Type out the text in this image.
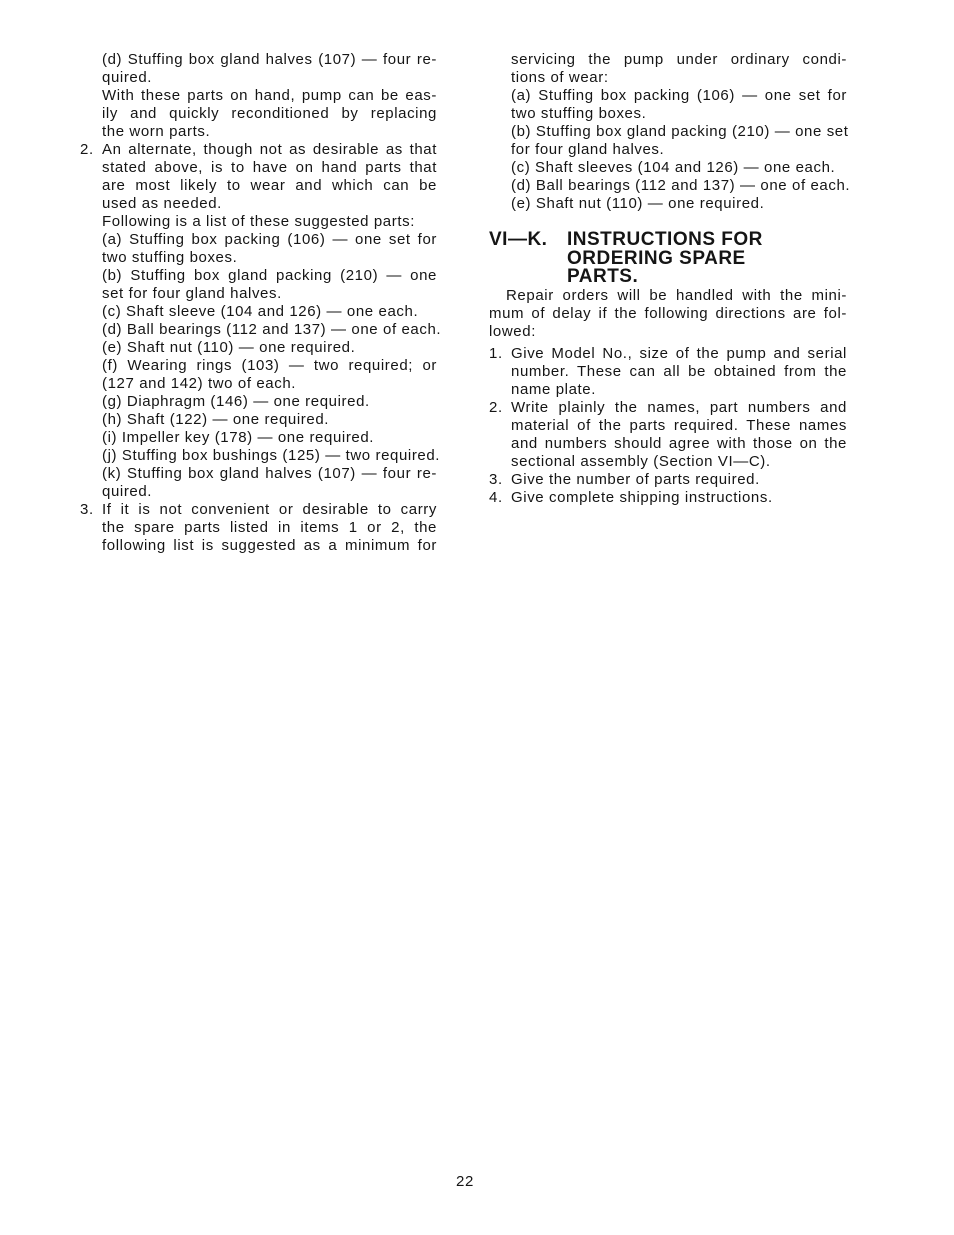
(d) Stuffing box gland halves (107) — four re-
quired.
With these parts on hand, pump can be eas-
ily and quickly reconditioned by replacing
the worn parts.
2. An alternate, though not as desirable as that
stated above, is to have on hand parts that
are most likely to wear and which can be
used as needed.
Following is a list of these suggested parts:
(a) Stuffing box packing (106) — one set for
two stuffing boxes.
(b) Stuffing box gland packing (210) — one
set for four gland halves.
(c) Shaft sleeve (104 and 126) — one each.
(d) Ball bearings (112 and 137) — one of each.
(e) Shaft nut (110) — one required.
(f) Wearing rings (103) — two required; or
(127 and 142) two of each.
(g) Diaphragm (146) — one required.
(h) Shaft (122) — one required.
(i) Impeller key (178) — one required.
(j) Stuffing box bushings (125) — two required.
(k) Stuffing box gland halves (107) — four re-
quired.
3. If it is not convenient or desirable to carry
the spare parts listed in items 1 or 2, the
following list is suggested as a minimum for
servicing the pump under ordinary condi-
tions of wear:
(a) Stuffing box packing (106) — one set for
two stuffing boxes.
(b) Stuffing box gland packing (210) — one set
for four gland halves.
(c) Shaft sleeves (104 and 126) — one each.
(d) Ball bearings (112 and 137) — one of each.
(e) Shaft nut (110) — one required.
VI—K. INSTRUCTIONS FOR
ORDERING SPARE
PARTS.
Repair orders will be handled with the mini-
mum of delay if the following directions are fol-
lowed:
1. Give Model No., size of the pump and serial
number. These can all be obtained from the
name plate.
2. Write plainly the names, part numbers and
material of the parts required. These names
and numbers should agree with those on the
sectional assembly (Section VI—C).
3. Give the number of parts required.
4. Give complete shipping instructions.
22
